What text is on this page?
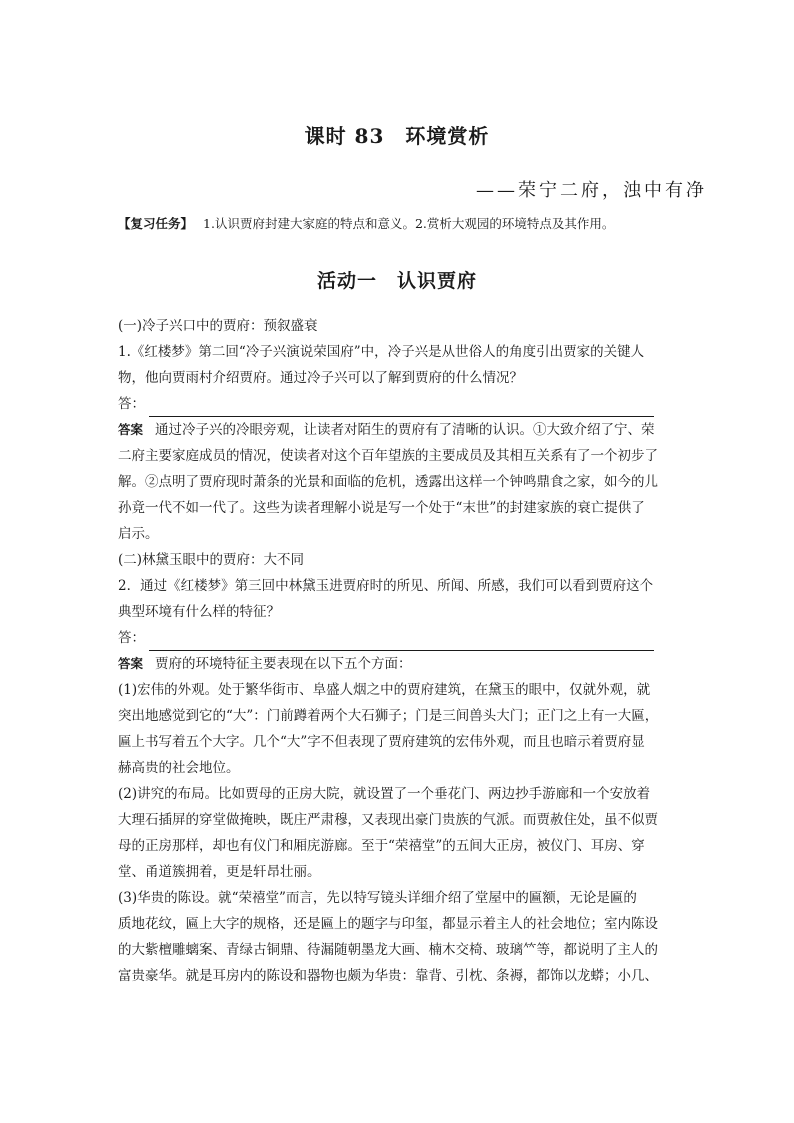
课时 83　环境赏析
——荣宁二府，浊中有净
【复习任务】 1.认识贾府封建大家庭的特点和意义。2.赏析大观园的环境特点及其作用。
活动一　认识贾府

(一)冷子兴口中的贾府：预叙盛衰

1.《红楼梦》第二回“冷子兴演说荣国府”中，冷子兴是从世俗人的角度引出贾家的关键人

物，他向贾雨村介绍贾府。通过冷子兴可以了解到贾府的什么情况？

答：

答案 通过冷子兴的冷眼旁观，让读者对陌生的贾府有了清晰的认识。①大致介绍了宁、荣

二府主要家庭成员的情况，使读者对这个百年望族的主要成员及其相互关系有了一个初步了

解。②点明了贾府现时萧条的光景和面临的危机，透露出这样一个钟鸣鼎食之家，如今的儿

孙竟一代不如一代了。这些为读者理解小说是写一个处于“末世”的封建家族的衰亡提供了

启示。

(二)林黛玉眼中的贾府：大不同

2．通过《红楼梦》第三回中林黛玉进贾府时的所见、所闻、所感，我们可以看到贾府这个

典型环境有什么样的特征？

答：

答案 贾府的环境特征主要表现在以下五个方面：

(1)宏伟的外观。处于繁华街市、阜盛人烟之中的贾府建筑，在黛玉的眼中，仅就外观，就

突出地感觉到它的“大”：门前蹲着两个大石狮子；门是三间兽头大门；正门之上有一大匾，

匾上书写着五个大字。几个“大”字不但表现了贾府建筑的宏伟外观，而且也暗示着贾府显

赫高贵的社会地位。

(2)讲究的布局。比如贾母的正房大院，就设置了一个垂花门、两边抄手游廊和一个安放着

大理石插屏的穿堂做掩映，既庄严肃穆，又表现出豪门贵族的气派。而贾赦住处，虽不似贾

母的正房那样，却也有仪门和厢庑游廊。至于“荣禧堂”的五间大正房，被仪门、耳房、穿

堂、甬道簇拥着，更是轩昂壮丽。

(3)华贵的陈设。就“荣禧堂”而言，先以特写镜头详细介绍了堂屋中的匾额，无论是匾的

质地花纹，匾上大字的规格，还是匾上的题字与印玺，都显示着主人的社会地位；室内陈设

的大紫檀雕螭案、青绿古铜鼎、待漏随朝墨龙大画、楠木交椅、玻璃𥫗等，都说明了主人的

富贵豪华。就是耳房内的陈设和器物也颇为华贵：靠背、引枕、条褥，都饰以龙蟒；小几、
